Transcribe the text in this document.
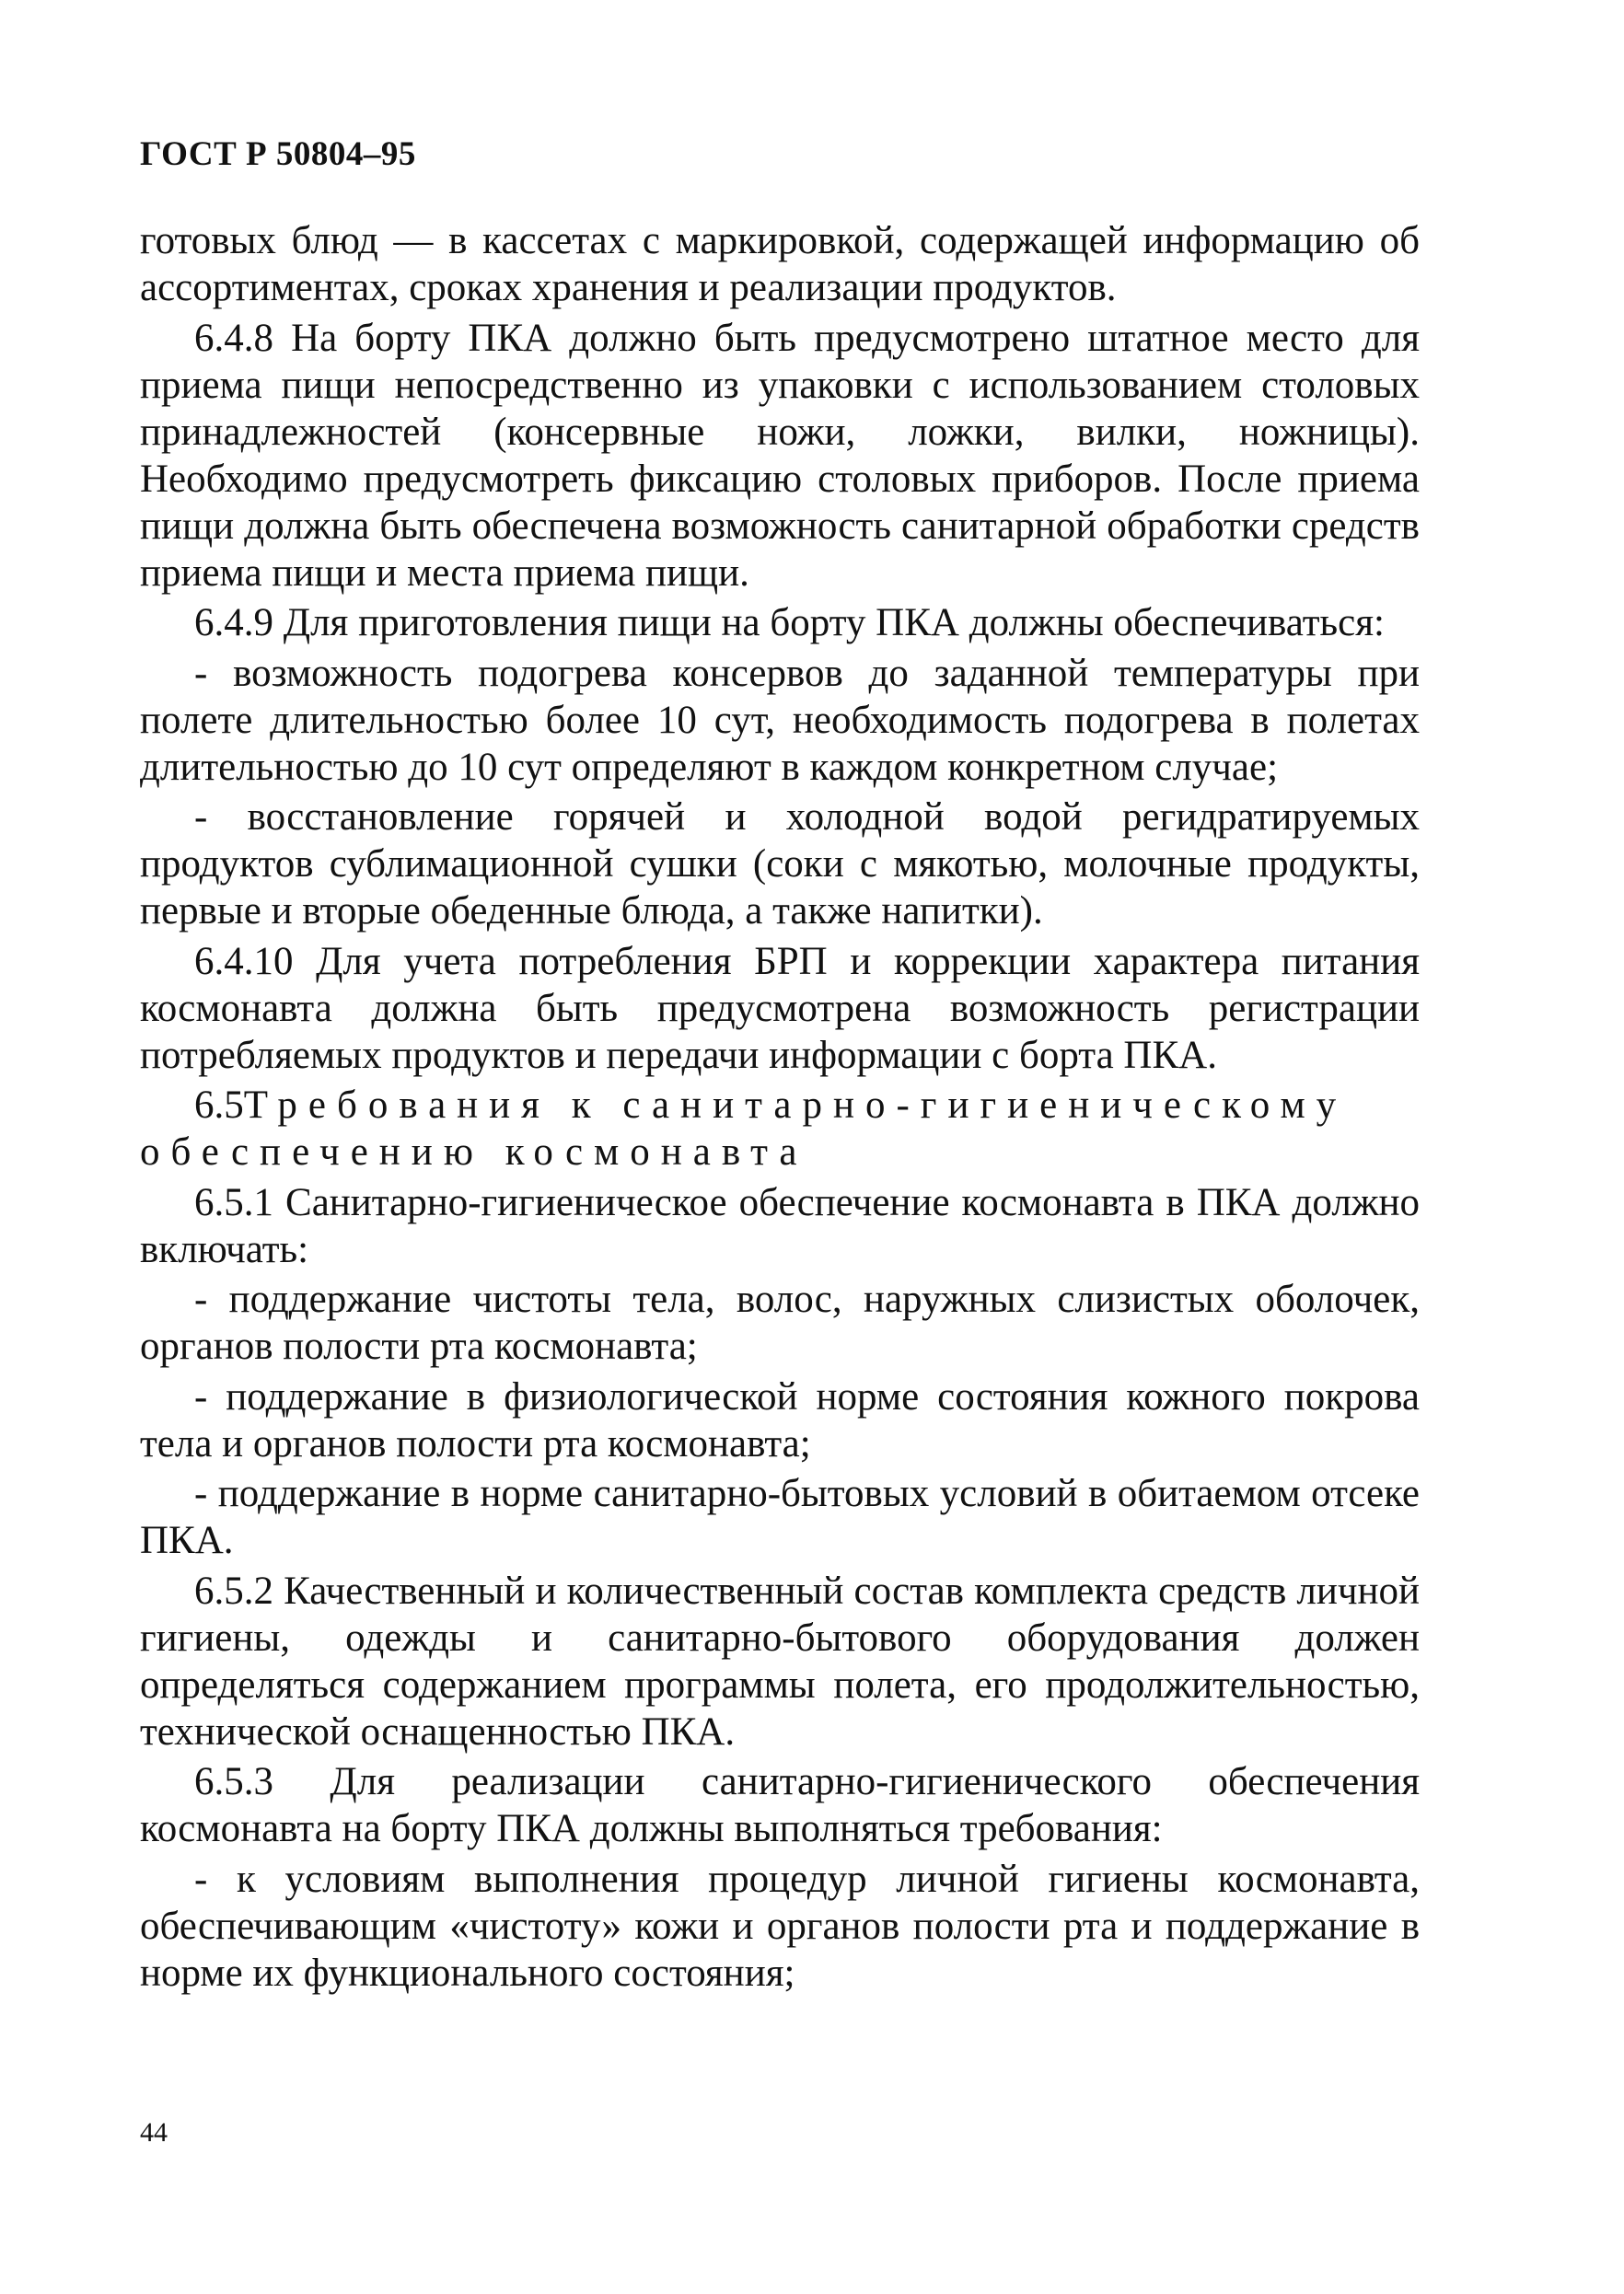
ГОСТ Р 50804–95

готовых блюд — в кассетах с маркировкой, содержащей информацию об ассортиментах, сроках хранения и реализации продуктов.

6.4.8 На борту ПКА должно быть предусмотрено штатное место для приема пищи непосредственно из упаковки с использованием столовых принадлежностей (консервные ножи, ложки, вилки, ножницы). Необходимо предусмотреть фиксацию столовых приборов. После приема пищи должна быть обеспечена возможность санитарной обработки средств приема пищи и места приема пищи.

6.4.9 Для приготовления пищи на борту ПКА должны обеспечиваться:

- возможность подогрева консервов до заданной температуры при полете длительностью более 10 сут, необходимость подогрева в полетах длительностью до 10 сут определяют в каждом конкретном случае;

- восстановление горячей и холодной водой регидратируемых продуктов сублимационной сушки (соки с мякотью, молочные продукты, первые и вторые обеденные блюда, а также напитки).

6.4.10 Для учета потребления БРП и коррекции характера питания космонавта должна быть предусмотрена возможность регистрации потребляемых продуктов и передачи информации с борта ПКА.

6.5Требования к санитарно-гигиеническому обеспечению космонавта

6.5.1 Санитарно-гигиеническое обеспечение космонавта в ПКА должно включать:

- поддержание чистоты тела, волос, наружных слизистых оболочек, органов полости рта космонавта;

- поддержание в физиологической норме состояния кожного покрова тела и органов полости рта космонавта;

- поддержание в норме санитарно-бытовых условий в обитаемом отсеке ПКА.

6.5.2 Качественный и количественный состав комплекта средств личной гигиены, одежды и санитарно-бытового оборудования должен определяться содержанием программы полета, его продолжительностью, технической оснащенностью ПКА.

6.5.3 Для реализации санитарно-гигиенического обеспечения космонавта на борту ПКА должны выполняться требования:

- к условиям выполнения процедур личной гигиены космонавта, обеспечивающим «чистоту» кожи и органов полости рта и поддержание в норме их функционального состояния;

44
